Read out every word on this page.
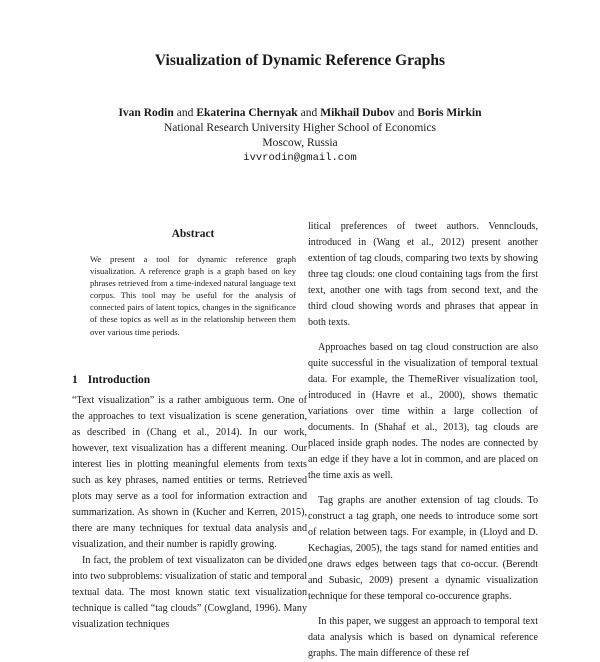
Visualization of Dynamic Reference Graphs
Ivan Rodin and Ekaterina Chernyak and Mikhail Dubov and Boris Mirkin
National Research University Higher School of Economics
Moscow, Russia
ivvrodin@gmail.com
Abstract
We present a tool for dynamic reference graph visualization. A reference graph is a graph based on key phrases retrieved from a time-indexed natural language text corpus. This tool may be useful for the analysis of connected pairs of latent topics, changes in the significance of these topics as well as in the relationship between them over various time periods.
1 Introduction

“Text visualization” is a rather ambiguous term. One of the approaches to text visualization is scene generation, as described in (Chang et al., 2014). In our work, however, text visualization has a different meaning. Our interest lies in plotting meaningful elements from texts such as key phrases, named entities or terms. Retrieved plots may serve as a tool for information extraction and summarization. As shown in (Kucher and Kerren, 2015), there are many techniques for textual data analysis and visualization, and their number is rapidly growing.

In fact, the problem of text visualizaton can be divided into two subproblems: visualization of static and temporal textual data. The most known static text visualization technique is called “tag clouds” (Cowgland, 1996). Many visualization techniques

litical preferences of tweet authors. Vennclouds, introduced in (Wang et al., 2012) present another extention of tag clouds, comparing two texts by showing three tag clouds: one cloud containing tags from the first text, another one with tags from second text, and the third cloud showing words and phrases that appear in both texts.

Approaches based on tag cloud construction are also quite successful in the visualization of temporal textual data. For example, the ThemeRiver visualization tool, introduced in (Havre et al., 2000), shows thematic variations over time within a large collection of documents. In (Shahaf et al., 2013), tag clouds are placed inside graph nodes. The nodes are connected by an edge if they have a lot in common, and are placed on the time axis as well.

Tag graphs are another extension of tag clouds. To construct a tag graph, one needs to introduce some sort of relation between tags. For example, in (Lloyd and D. Kechagias, 2005), the tags stand for named entities and one draws edges between tags that co-occur. (Berendt and Subasic, 2009) present a dynamic visualization technique for these temporal co-occurence graphs.

In this paper, we suggest an approach to temporal text data analysis which is based on dynamical reference graphs. The main difference of these ref
